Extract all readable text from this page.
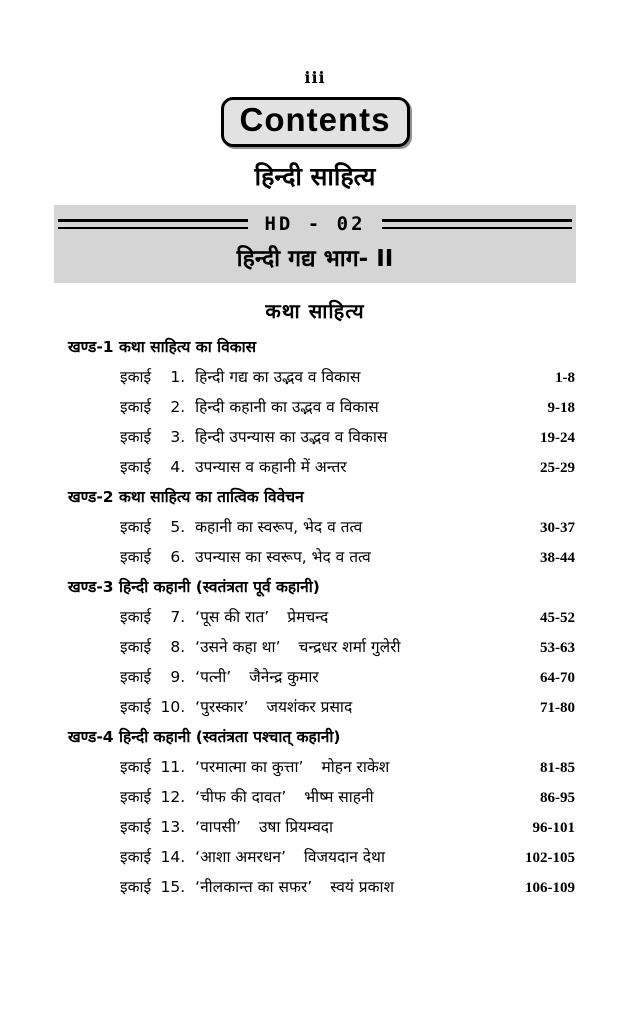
iii
Contents
हिन्दी साहित्य
HD - 02
हिन्दी गद्य भाग- II
कथा साहित्य
खण्ड-1 कथा साहित्य का विकास
इकाई	1. हिन्दी गद्य का उद्भव व विकास	1-8
इकाई	2. हिन्दी कहानी का उद्भव व विकास	9-18
इकाई	3. हिन्दी उपन्यास का उद्भव व विकास	19-24
इकाई	4. उपन्यास व कहानी में अन्तर	25-29
खण्ड-2 कथा साहित्य का तात्विक विवेचन
इकाई	5. कहानी का स्वरूप, भेद व तत्व	30-37
इकाई	6. उपन्यास का स्वरूप, भेद व तत्व	38-44
खण्ड-3 हिन्दी कहानी (स्वतंत्रता पूर्व कहानी)
इकाई	7. ‘पूस की रात’ प्रेमचन्द	45-52
इकाई	8. ‘उसने कहा था’ चन्द्रधर शर्मा गुलेरी	53-63
इकाई	9. ‘पत्नी’ जैनेन्द्र कुमार	64-70
इकाई 10. ‘पुरस्कार’ जयशंकर प्रसाद	71-80
खण्ड-4 हिन्दी कहानी (स्वतंत्रता पश्चात् कहानी)
इकाई 11. ‘परमात्मा का कुत्ता’ मोहन राकेश	81-85
इकाई 12. ‘चीफ की दावत’ भीष्म साहनी	86-95
इकाई 13. ‘वापसी’ उषा प्रियम्वदा	96-101
इकाई 14. ‘आशा अमरधन’ विजयदान देथा	102-105
इकाई 15. ‘नीलकान्त का सफर’ स्वयं प्रकाश	106-109
